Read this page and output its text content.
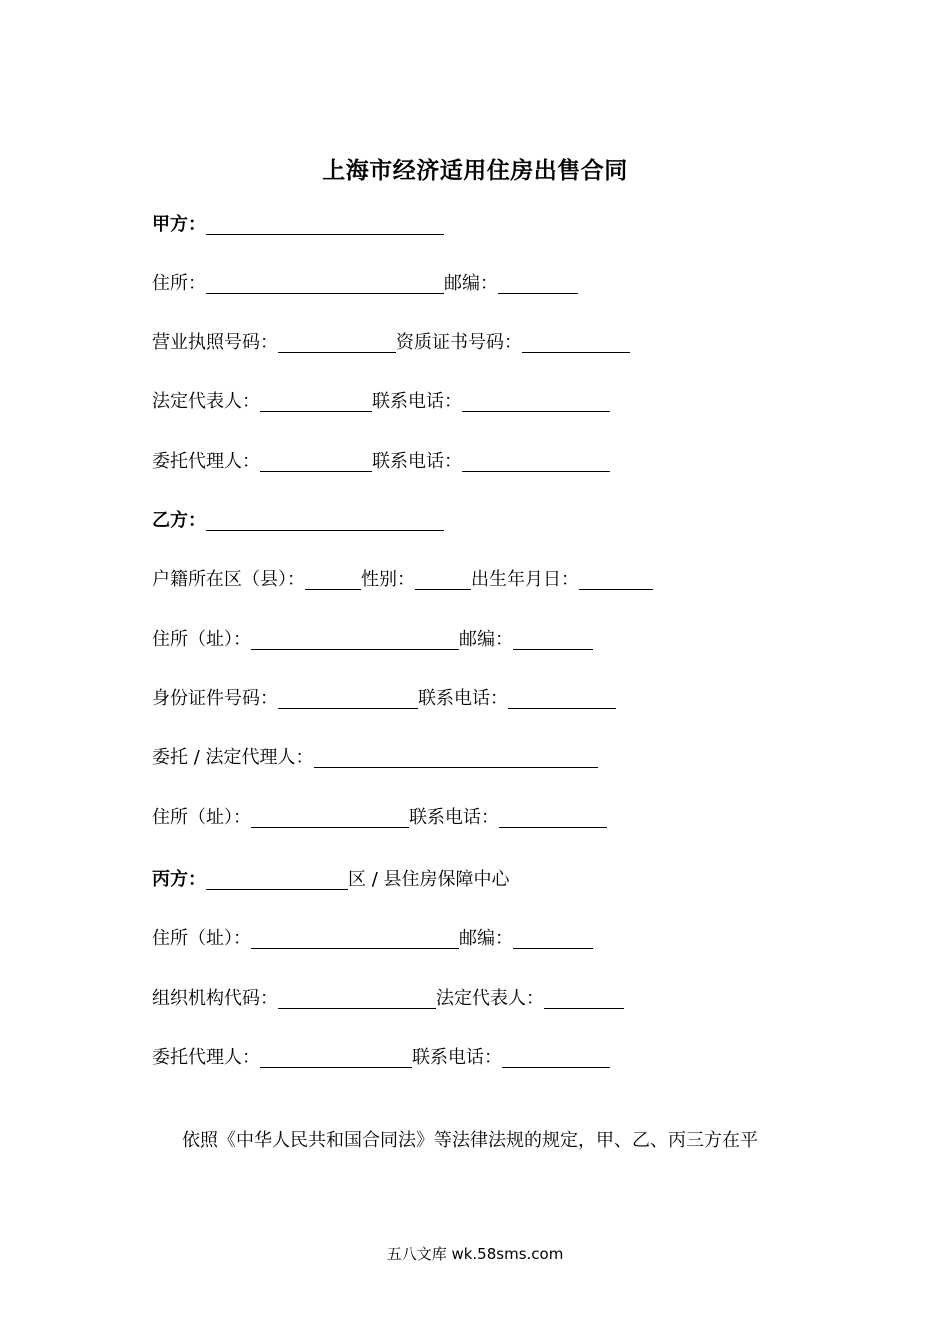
上海市经济适用住房出售合同
甲方：
住所：	邮编：
营业执照号码：	资质证书号码：
法定代表人：	联系电话：
委托代理人：	联系电话：
乙方：
户籍所在区（县）：	性别：	出生年月日：
住所（址）：	邮编：
身份证件号码：	联系电话：
委托 / 法定代理人：
住所（址）：	联系电话：
丙方：	区 / 县住房保障中心
住所（址）：	邮编：
组织机构代码：	法定代表人：
委托代理人：	联系电话：
依照《中华人民共和国合同法》等法律法规的规定，甲、乙、丙三方在平
五八文库 wk.58sms.com
